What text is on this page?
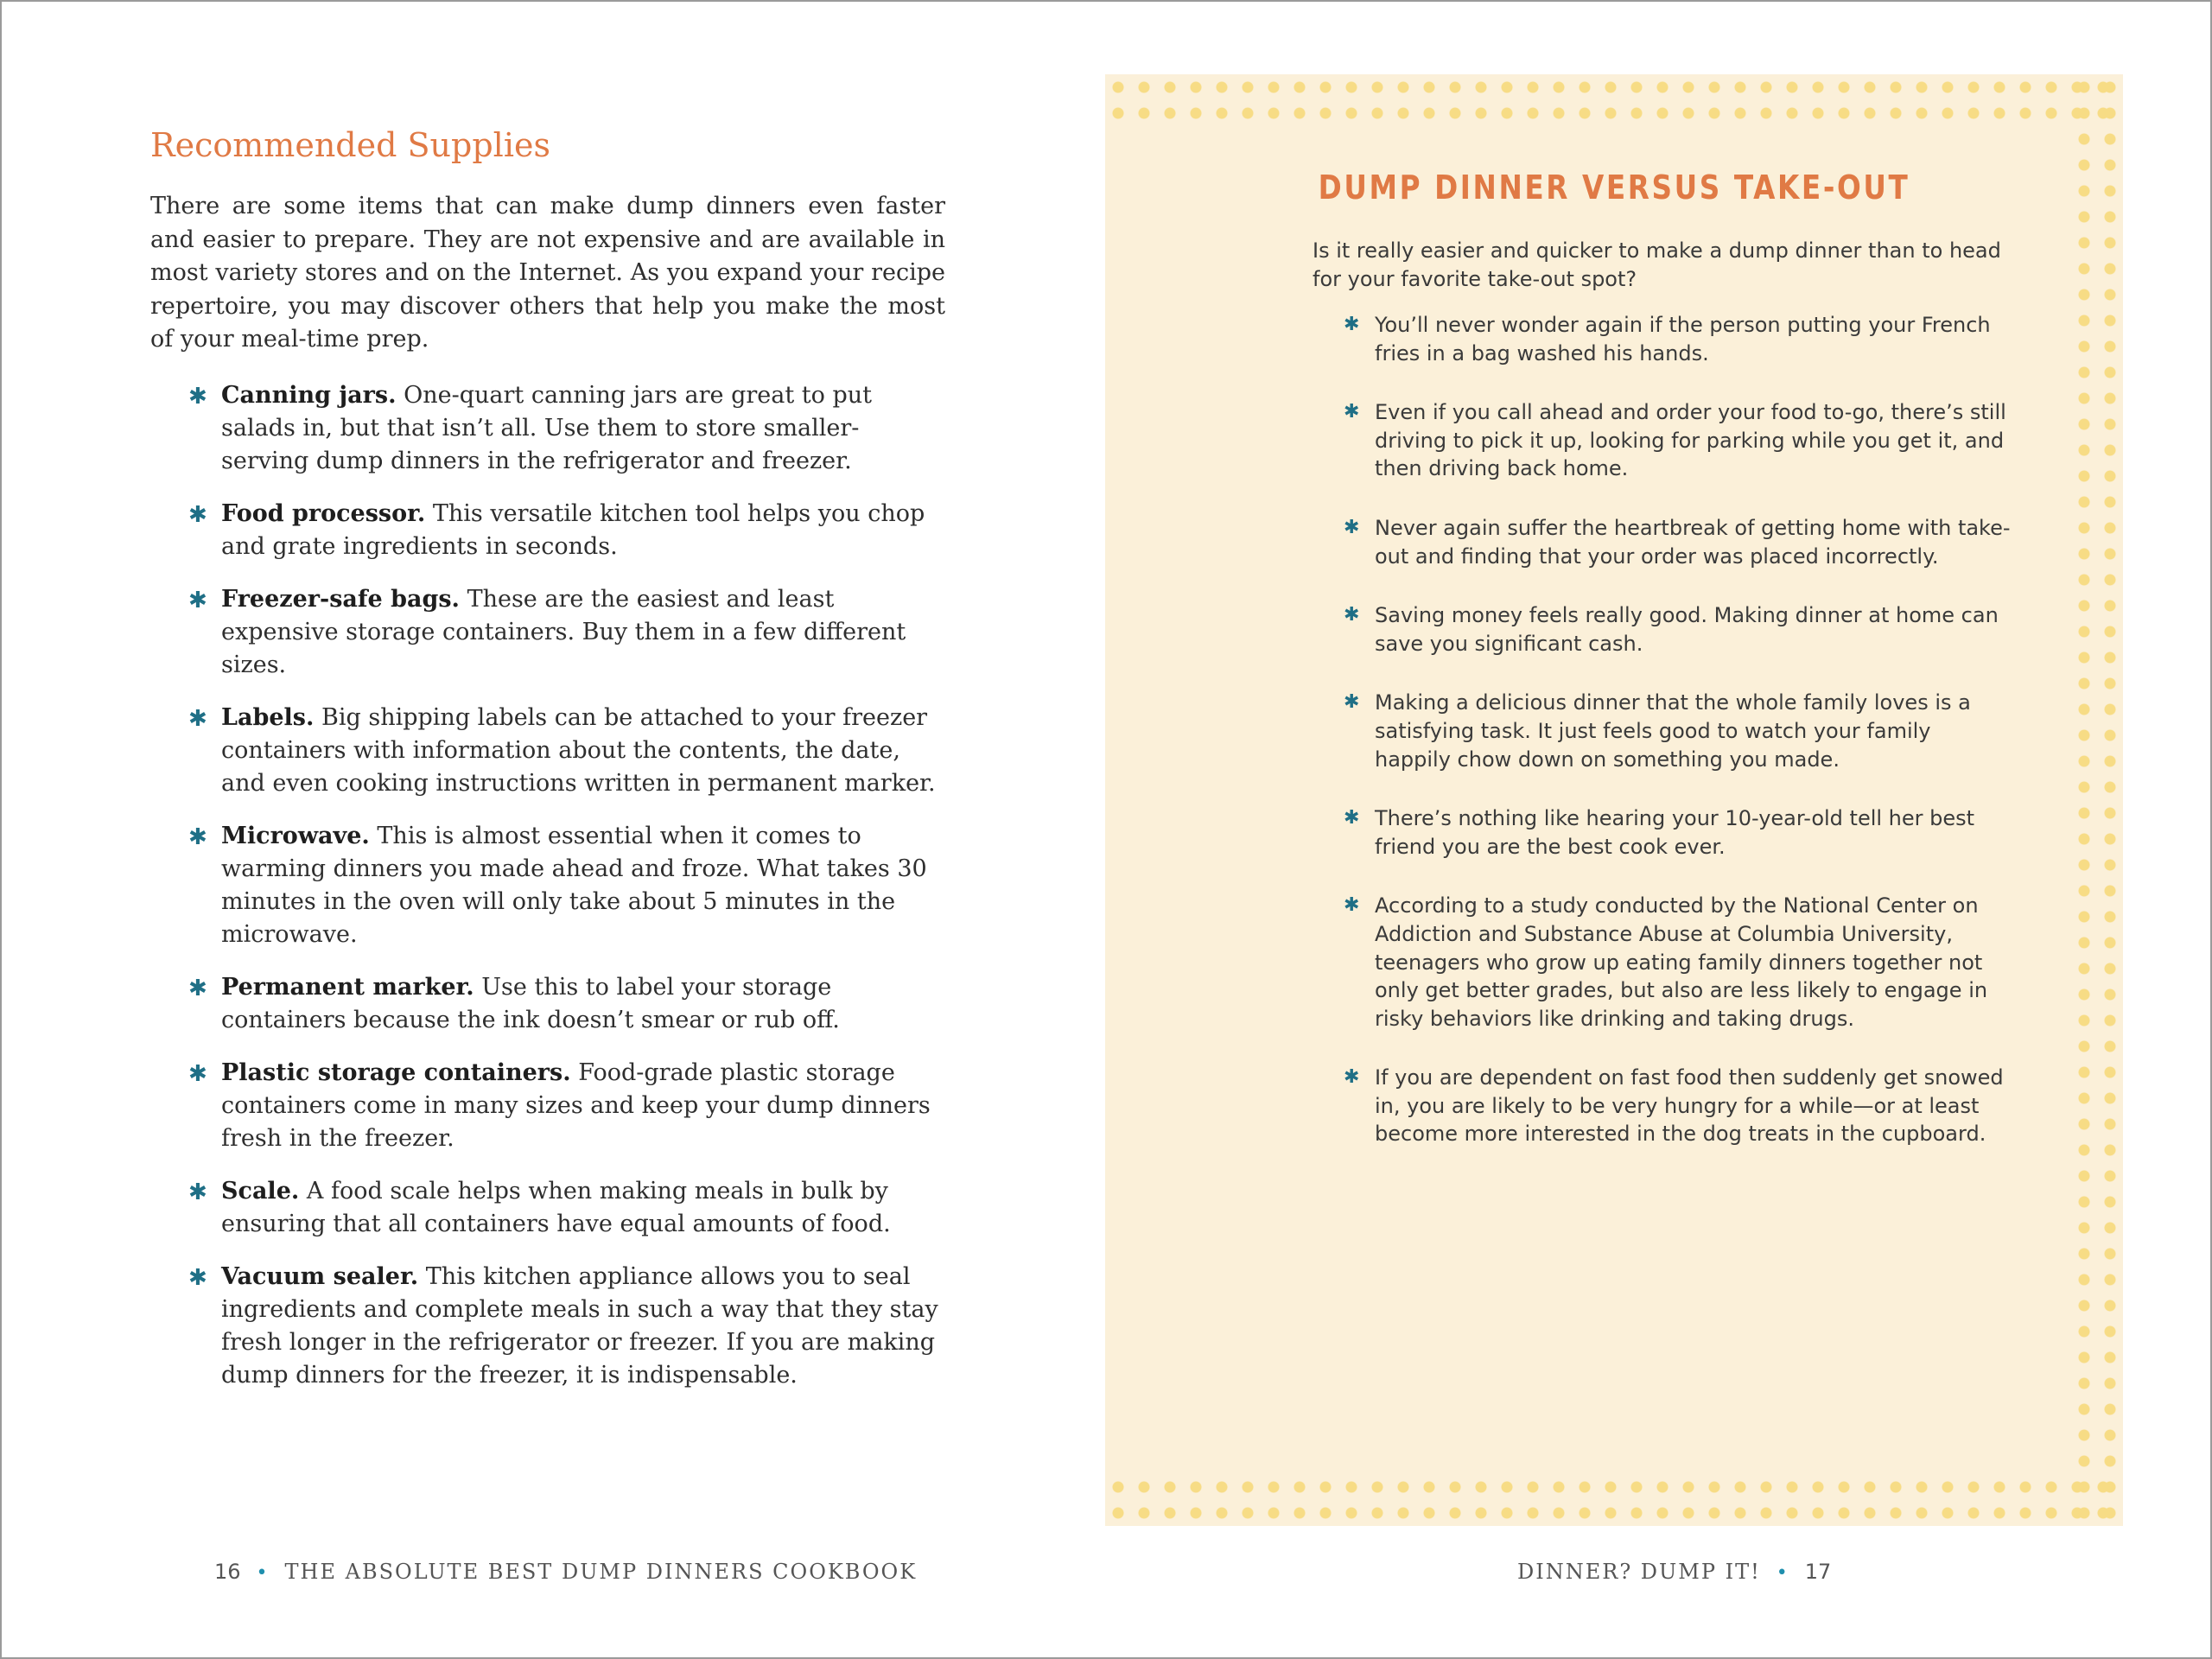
Recommended Supplies

There are some items that can make dump dinners even faster and easier to prepare. They are not expensive and are available in most variety stores and on the Internet. As you expand your recipe repertoire, you may discover others that help you make the most of your meal-time prep.

✱ Canning jars. One-quart canning jars are great to put salads in, but that isn’t all. Use them to store smaller-serving dump dinners in the refrigerator and freezer.
✱ Food processor. This versatile kitchen tool helps you chop and grate ingredients in seconds.
✱ Freezer-safe bags. These are the easiest and least expensive storage containers. Buy them in a few different sizes.
✱ Labels. Big shipping labels can be attached to your freezer containers with information about the contents, the date, and even cooking instructions written in permanent marker.
✱ Microwave. This is almost essential when it comes to warming dinners you made ahead and froze. What takes 30 minutes in the oven will only take about 5 minutes in the microwave.
✱ Permanent marker. Use this to label your storage containers because the ink doesn’t smear or rub off.
✱ Plastic storage containers. Food-grade plastic storage containers come in many sizes and keep your dump dinners fresh in the freezer.
✱ Scale. A food scale helps when making meals in bulk by ensuring that all containers have equal amounts of food.
✱ Vacuum sealer. This kitchen appliance allows you to seal ingredients and complete meals in such a way that they stay fresh longer in the refrigerator or freezer. If you are making dump dinners for the freezer, it is indispensable.
DUMP DINNER VERSUS TAKE-OUT

Is it really easier and quicker to make a dump dinner than to head for your favorite take-out spot?

✱ You’ll never wonder again if the person putting your French fries in a bag washed his hands.
✱ Even if you call ahead and order your food to-go, there’s still driving to pick it up, looking for parking while you get it, and then driving back home.
✱ Never again suffer the heartbreak of getting home with take-out and finding that your order was placed incorrectly.
✱ Saving money feels really good. Making dinner at home can save you significant cash.
✱ Making a delicious dinner that the whole family loves is a satisfying task. It just feels good to watch your family happily chow down on something you made.
✱ There’s nothing like hearing your 10-year-old tell her best friend you are the best cook ever.
✱ According to a study conducted by the National Center on Addiction and Substance Abuse at Columbia University, teenagers who grow up eating family dinners together not only get better grades, but also are less likely to engage in risky behaviors like drinking and taking drugs.
✱ If you are dependent on fast food then suddenly get snowed in, you are likely to be very hungry for a while—or at least become more interested in the dog treats in the cupboard.
16 • THE ABSOLUTE BEST DUMP DINNERS COOKBOOK	DINNER? DUMP IT! • 17
